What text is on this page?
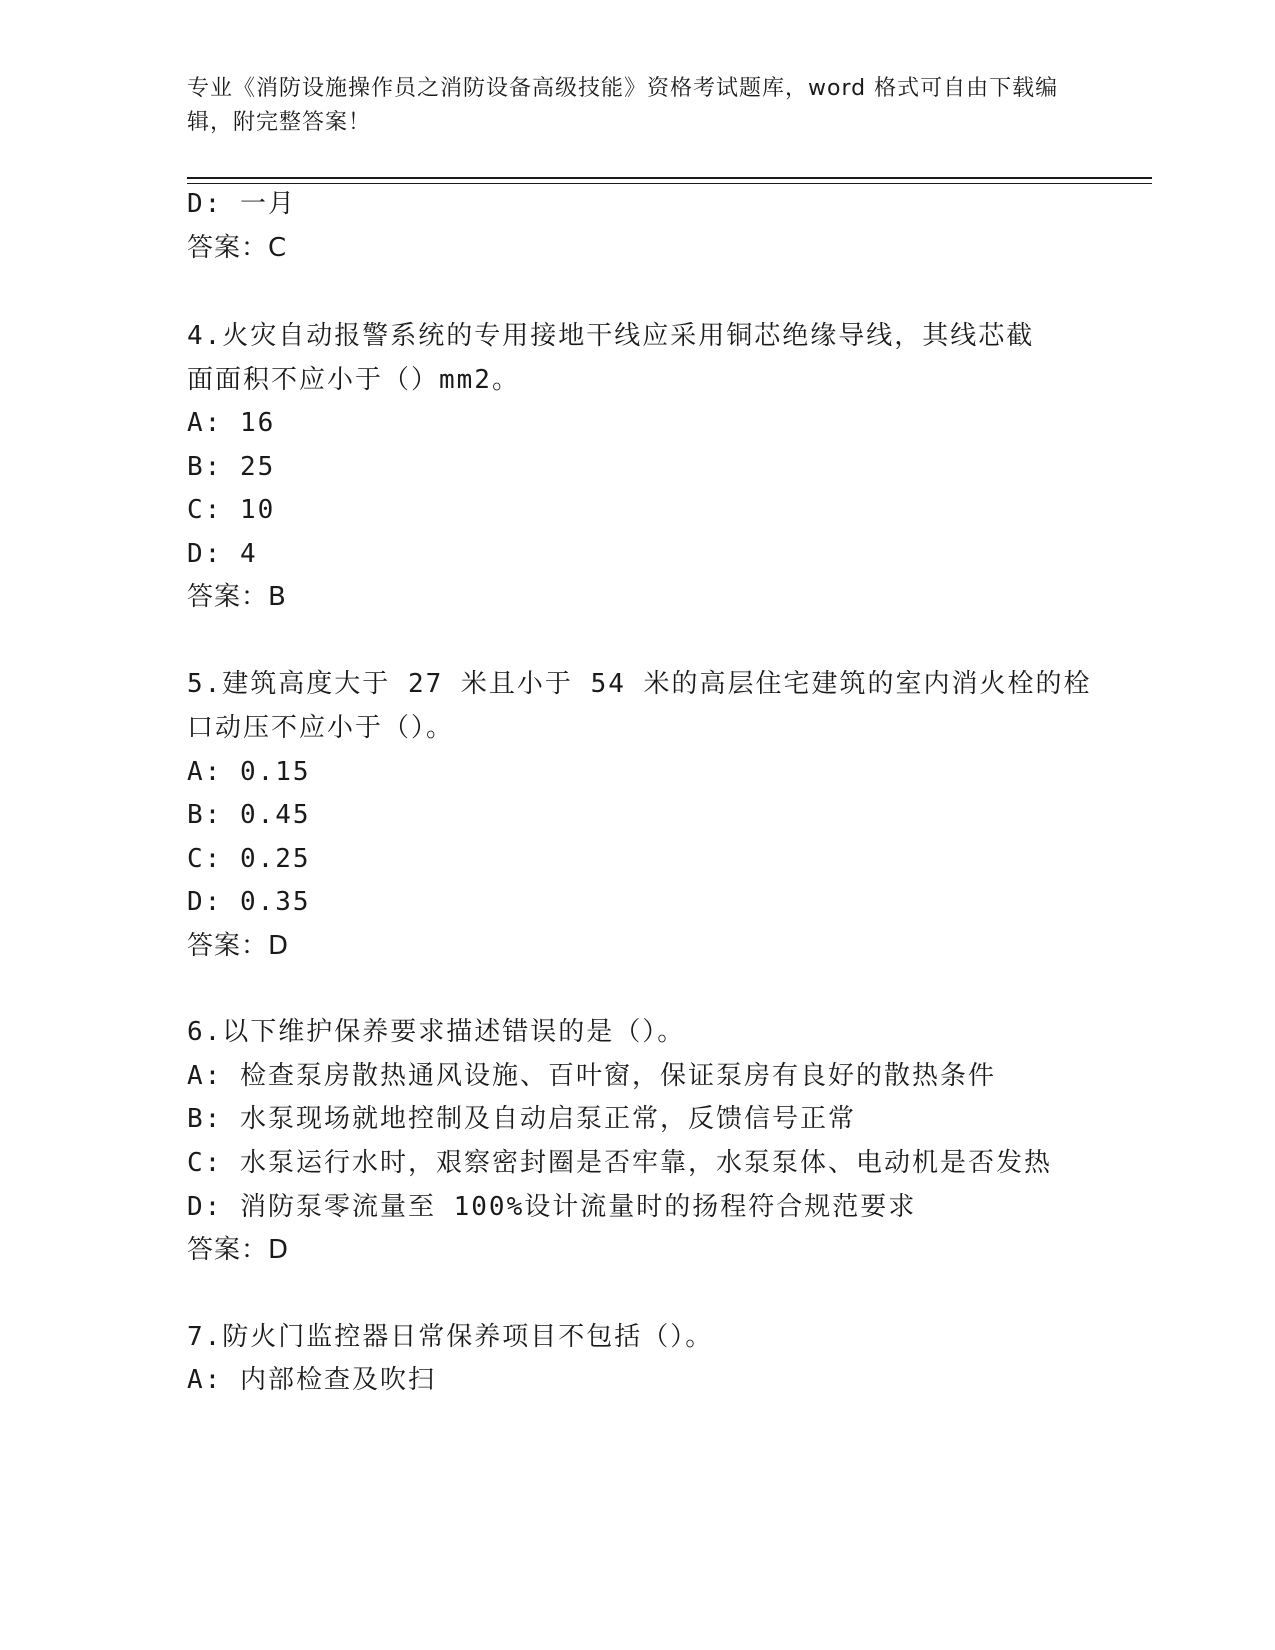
专业《消防设施操作员之消防设备高级技能》资格考试题库，word 格式可自由下载编辑，附完整答案！
D: 一月
答案：C
4.火灾自动报警系统的专用接地干线应采用铜芯绝缘导线，其线芯截
面面积不应小于（）mm2。
A: 16
B: 25
C: 10
D: 4
答案：B
5.建筑高度大于 27 米且小于 54 米的高层住宅建筑的室内消火栓的栓
口动压不应小于（）。
A: 0.15
B: 0.45
C: 0.25
D: 0.35
答案：D
6.以下维护保养要求描述错误的是（）。
A: 检查泵房散热通风设施、百叶窗，保证泵房有良好的散热条件
B: 水泵现场就地控制及自动启泵正常，反馈信号正常
C: 水泵运行水时，艰察密封圈是否牢靠，水泵泵体、电动机是否发热
D: 消防泵零流量至 100%设计流量时的扬程符合规范要求
答案：D
7.防火门监控器日常保养项目不包括（）。
A: 内部检查及吹扫
